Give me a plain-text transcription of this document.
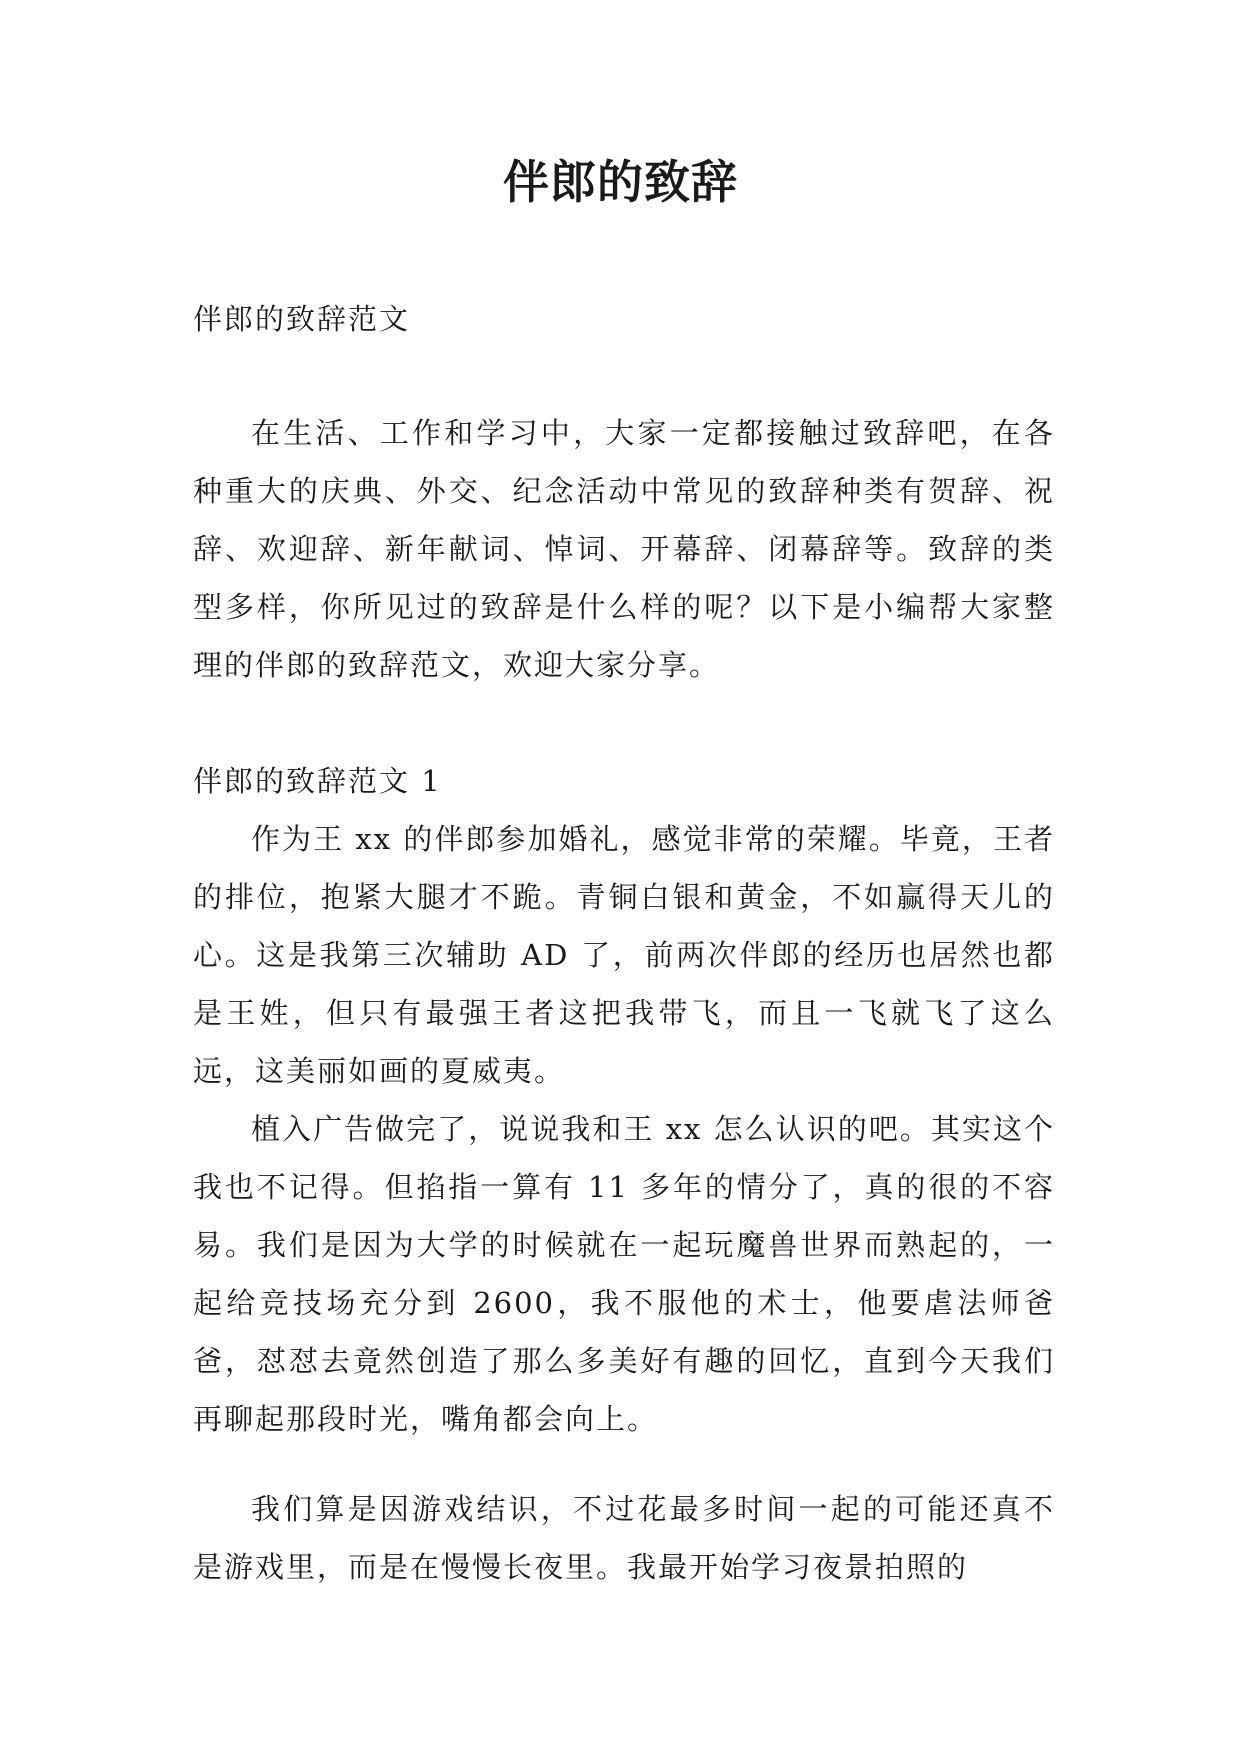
伴郎的致辞

伴郎的致辞范文

在生活、工作和学习中，大家一定都接触过致辞吧，在各种重大的庆典、外交、纪念活动中常见的致辞种类有贺辞、祝辞、欢迎辞、新年献词、悼词、开幕辞、闭幕辞等。致辞的类型多样，你所见过的致辞是什么样的呢？以下是小编帮大家整理的伴郎的致辞范文，欢迎大家分享。

伴郎的致辞范文 1

作为王 xx 的伴郎参加婚礼，感觉非常的荣耀。毕竟，王者的排位，抱紧大腿才不跪。青铜白银和黄金，不如赢得天儿的心。这是我第三次辅助 AD 了，前两次伴郎的经历也居然也都是王姓，但只有最强王者这把我带飞，而且一飞就飞了这么远，这美丽如画的夏威夷。

植入广告做完了，说说我和王 xx 怎么认识的吧。其实这个我也不记得。但掐指一算有 11 多年的情分了，真的很的不容易。我们是因为大学的时候就在一起玩魔兽世界而熟起的，一起给竞技场充分到 2600，我不服他的术士，他要虐法师爸爸，怼怼去竟然创造了那么多美好有趣的回忆，直到今天我们再聊起那段时光，嘴角都会向上。

我们算是因游戏结识，不过花最多时间一起的可能还真不是游戏里，而是在慢慢长夜里。我最开始学习夜景拍照的
